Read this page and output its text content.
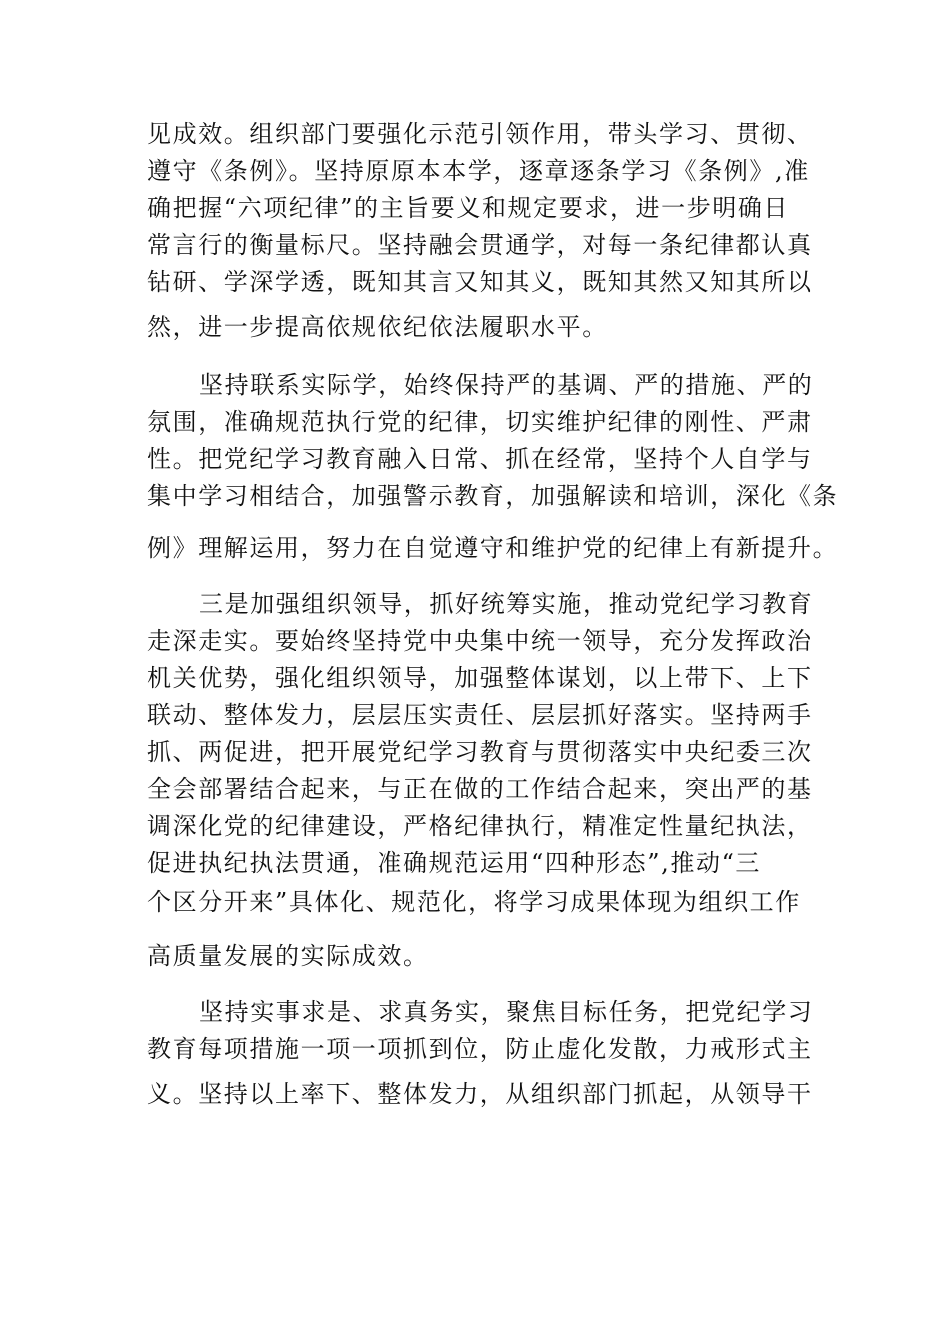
见成效。组织部门要强化示范引领作用，带头学习、贯彻、
遵守《条例》。坚持原原本本学，逐章逐条学习《条例》,准
确把握“六项纪律”的主旨要义和规定要求，进一步明确日
常言行的衡量标尺。坚持融会贯通学，对每一条纪律都认真
钻研、学深学透，既知其言又知其义，既知其然又知其所以
然，进一步提高依规依纪依法履职水平。
坚持联系实际学，始终保持严的基调、严的措施、严的
氛围，准确规范执行党的纪律，切实维护纪律的刚性、严肃
性。把党纪学习教育融入日常、抓在经常，坚持个人自学与
集中学习相结合，加强警示教育，加强解读和培训，深化《条
例》理解运用，努力在自觉遵守和维护党的纪律上有新提升。
三是加强组织领导，抓好统筹实施，推动党纪学习教育
走深走实。要始终坚持党中央集中统一领导，充分发挥政治
机关优势，强化组织领导，加强整体谋划，以上带下、上下
联动、整体发力，层层压实责任、层层抓好落实。坚持两手
抓、两促进，把开展党纪学习教育与贯彻落实中央纪委三次
全会部署结合起来，与正在做的工作结合起来，突出严的基
调深化党的纪律建设，严格纪律执行，精准定性量纪执法，
促进执纪执法贯通，准确规范运用“四种形态”,推动“三
个区分开来”具体化、规范化，将学习成果体现为组织工作
高质量发展的实际成效。
坚持实事求是、求真务实，聚焦目标任务，把党纪学习
教育每项措施一项一项抓到位，防止虚化发散，力戒形式主
义。坚持以上率下、整体发力，从组织部门抓起，从领导干
